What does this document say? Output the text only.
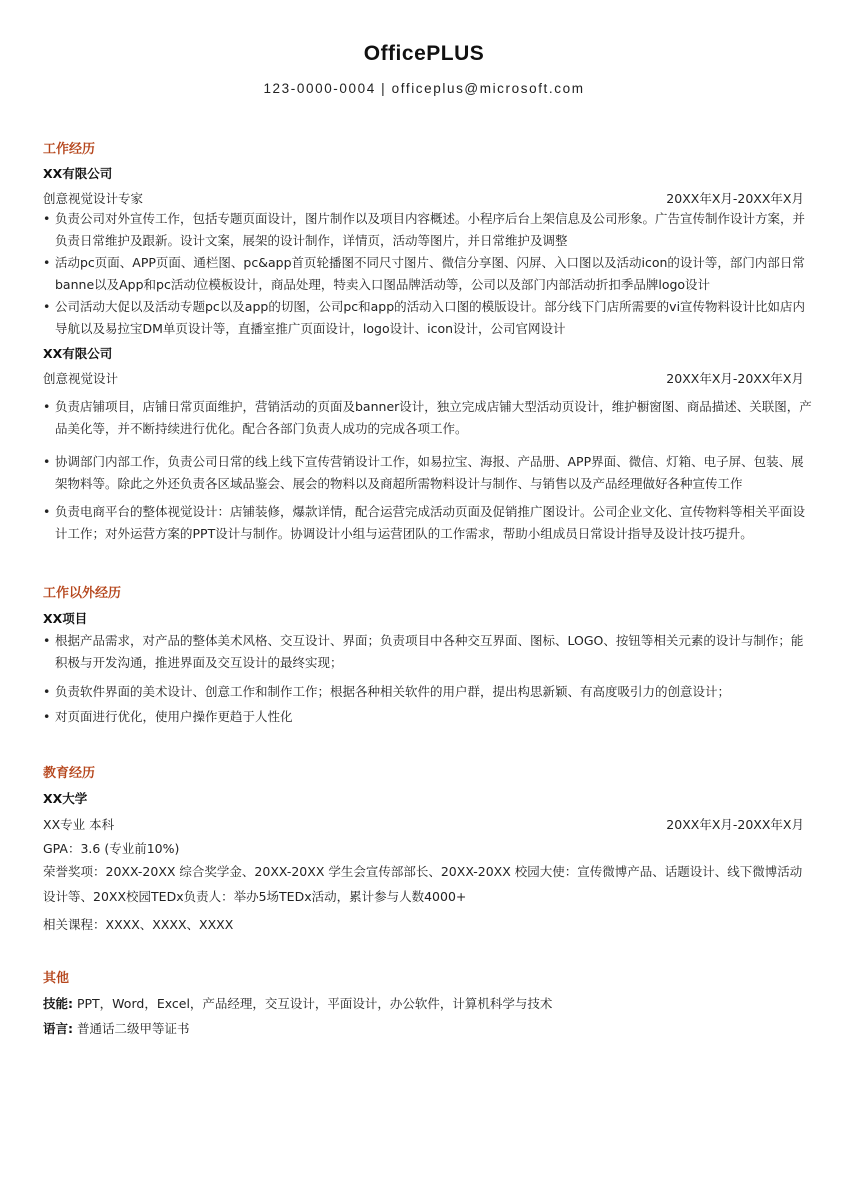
OfficePLUS
123-0000-0004 | officeplus@microsoft.com
工作经历
XX有限公司
创意视觉设计专家	20XX年X月-20XX年X月
• 负责公司对外宣传工作，包括专题页面设计，图片制作以及项目内容概述。小程序后台上架信息及公司形象。广告宣传制作设计方案，并负责日常维护及跟新。设计文案，展架的设计制作，详情页，活动等图片，并日常维护及调整
• 活动pc页面、APP页面、通栏图、pc&app首页轮播图不同尺寸图片、微信分享图、闪屏、入口图以及活动icon的设计等，部门内部日常banne以及App和pc活动位模板设计，商品处理，特卖入口图品牌活动等，公司以及部门内部活动折扣季品牌logo设计
• 公司活动大促以及活动专题pc以及app的切图，公司pc和app的活动入口图的模版设计。部分线下门店所需要的vi宣传物料设计比如店内导航以及易拉宝DM单页设计等，直播室推广页面设计，logo设计、icon设计，公司官网设计
XX有限公司
创意视觉设计	20XX年X月-20XX年X月
• 负责店铺项目，店铺日常页面维护，营销活动的页面及banner设计，独立完成店铺大型活动页设计，维护橱窗图、商品描述、关联图，产品美化等，并不断持续进行优化。配合各部门负责人成功的完成各项工作。
• 协调部门内部工作，负责公司日常的线上线下宣传营销设计工作，如易拉宝、海报、产品册、APP界面、微信、灯箱、电子屏、包装、展架物料等。除此之外还负责各区域品鉴会、展会的物料以及商超所需物料设计与制作、与销售以及产品经理做好各种宣传工作
• 负责电商平台的整体视觉设计：店铺装修，爆款详情，配合运营完成活动页面及促销推广图设计。公司企业文化、宣传物料等相关平面设计工作；对外运营方案的PPT设计与制作。协调设计小组与运营团队的工作需求，帮助小组成员日常设计指导及设计技巧提升。
工作以外经历
XX项目
• 根据产品需求，对产品的整体美术风格、交互设计、界面；负责项目中各种交互界面、图标、LOGO、按钮等相关元素的设计与制作；能积极与开发沟通，推进界面及交互设计的最终实现；
• 负责软件界面的美术设计、创意工作和制作工作；根据各种相关软件的用户群，提出构思新颖、有高度吸引力的创意设计；
• 对页面进行优化，使用户操作更趋于人性化
教育经历
XX大学
XX专业 本科	20XX年X月-20XX年X月
GPA：3.6 (专业前10%)
荣誉奖项：20XX-20XX 综合奖学金、20XX-20XX 学生会宣传部部长、20XX-20XX 校园大使：宣传微博产品、话题设计、线下微博活动设计等、20XX校园TEDx负责人：举办5场TEDx活动，累计参与人数4000+
相关课程：XXXX、XXXX、XXXX
其他
技能: PPT，Word，Excel，产品经理，交互设计，平面设计，办公软件，计算机科学与技术
语言: 普通话二级甲等证书
